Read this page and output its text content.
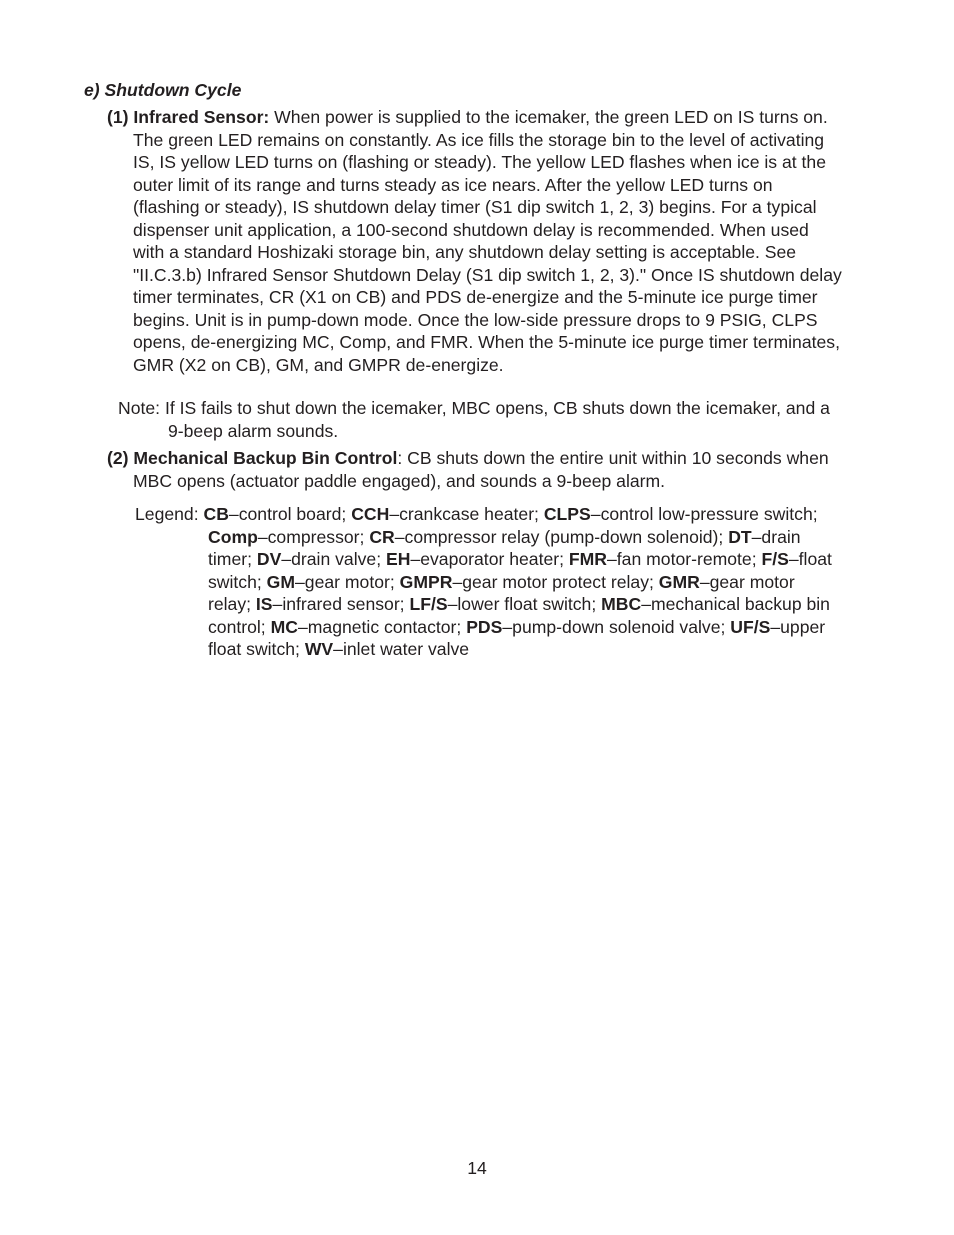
e) Shutdown Cycle

(1) Infrared Sensor: When power is supplied to the icemaker, the green LED on IS turns on. The green LED remains on constantly. As ice fills the storage bin to the level of activating IS, IS yellow LED turns on (flashing or steady). The yellow LED flashes when ice is at the outer limit of its range and turns steady as ice nears. After the yellow LED turns on (flashing or steady), IS shutdown delay timer (S1 dip switch 1, 2, 3) begins. For a typical dispenser unit application, a 100-second shutdown delay is recommended. When used with a standard Hoshizaki storage bin, any shutdown delay setting is acceptable. See "II.C.3.b) Infrared Sensor Shutdown Delay (S1 dip switch 1, 2, 3)." Once IS shutdown delay timer terminates, CR (X1 on CB) and PDS de-energize and the 5-minute ice purge timer begins. Unit is in pump-down mode. Once the low-side pressure drops to 9 PSIG, CLPS opens, de-energizing MC, Comp, and FMR. When the 5-minute ice purge timer terminates, GMR (X2 on CB), GM, and GMPR de-energize.

Note: If IS fails to shut down the icemaker, MBC opens, CB shuts down the icemaker, and a 9-beep alarm sounds.

(2) Mechanical Backup Bin Control: CB shuts down the entire unit within 10 seconds when MBC opens (actuator paddle engaged), and sounds a 9-beep alarm.

Legend: CB–control board; CCH–crankcase heater; CLPS–control low-pressure switch; Comp–compressor; CR–compressor relay (pump-down solenoid); DT–drain timer; DV–drain valve; EH–evaporator heater; FMR–fan motor-remote; F/S–float switch; GM–gear motor; GMPR–gear motor protect relay; GMR–gear motor relay; IS–infrared sensor; LF/S–lower float switch; MBC–mechanical backup bin control; MC–magnetic contactor; PDS–pump-down solenoid valve; UF/S–upper float switch; WV–inlet water valve

14
